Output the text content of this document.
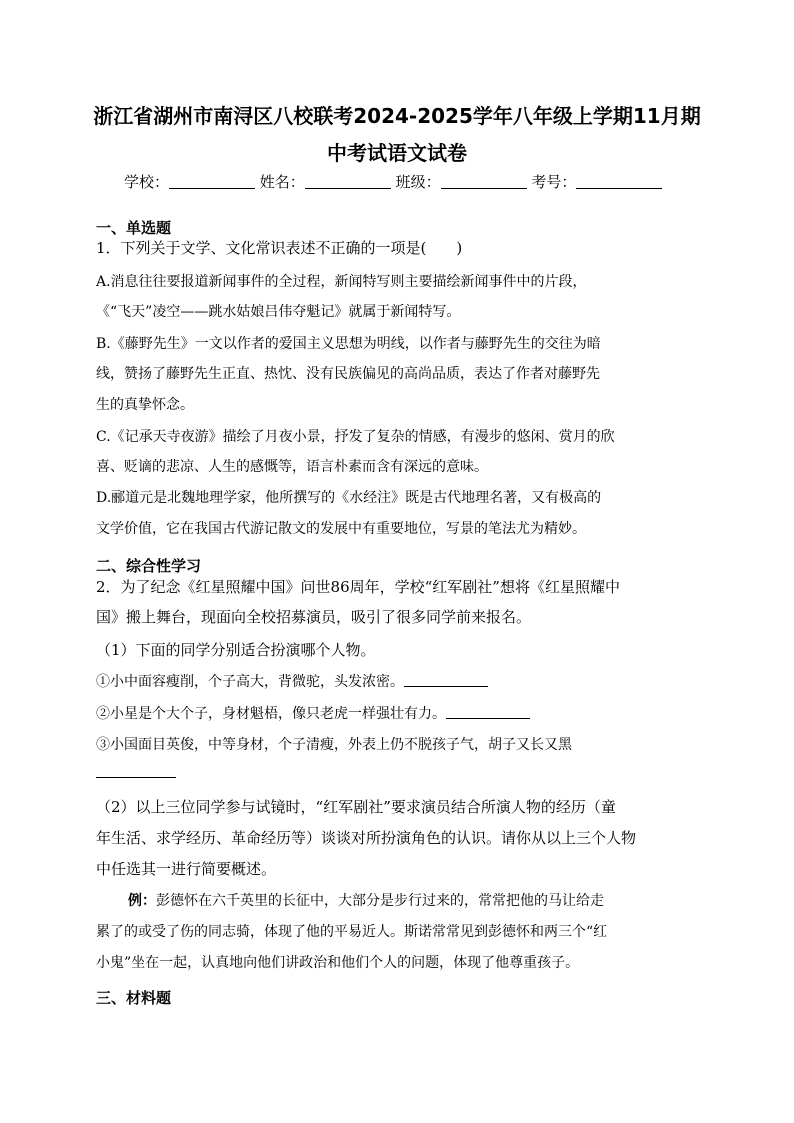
浙江省湖州市南浔区八校联考2024-2025学年八年级上学期11月期
中考试语文试卷
学校：	姓名：	班级：	考号：
一、单选题
1．下列关于文学、文化常识表述不正确的一项是(　　)
A.消息往往要报道新闻事件的全过程，新闻特写则主要描绘新闻事件中的片段，
《“飞天”凌空——跳水姑娘吕伟夺魁记》就属于新闻特写。
B.《藤野先生》一文以作者的爱国主义思想为明线，以作者与藤野先生的交往为暗
线，赞扬了藤野先生正直、热忱、没有民族偏见的高尚品质，表达了作者对藤野先
生的真挚怀念。
C.《记承天寺夜游》描绘了月夜小景，抒发了复杂的情感，有漫步的悠闲、赏月的欣
喜、贬谪的悲凉、人生的感慨等，语言朴素而含有深远的意味。
D.郦道元是北魏地理学家，他所撰写的《水经注》既是古代地理名著，又有极高的
文学价值，它在我国古代游记散文的发展中有重要地位，写景的笔法尤为精妙。
二、综合性学习
2．为了纪念《红星照耀中国》问世86周年，学校“红军剧社”想将《红星照耀中
国》搬上舞台，现面向全校招募演员，吸引了很多同学前来报名。
（1）下面的同学分别适合扮演哪个人物。
①小中面容瘦削，个子高大，背微驼，头发浓密。
②小星是个大个子，身材魁梧，像只老虎一样强壮有力。
③小国面目英俊，中等身材，个子清瘦，外表上仍不脱孩子气，胡子又长又黑
（2）以上三位同学参与试镜时，“红军剧社”要求演员结合所演人物的经历（童
年生活、求学经历、革命经历等）谈谈对所扮演角色的认识。请你从以上三个人物
中任选其一进行简要概述。
例：彭德怀在六千英里的长征中，大部分是步行过来的，常常把他的马让给走
累了的或受了伤的同志骑，体现了他的平易近人。斯诺常常见到彭德怀和两三个“红
小鬼”坐在一起，认真地向他们讲政治和他们个人的问题，体现了他尊重孩子。
三、材料题
